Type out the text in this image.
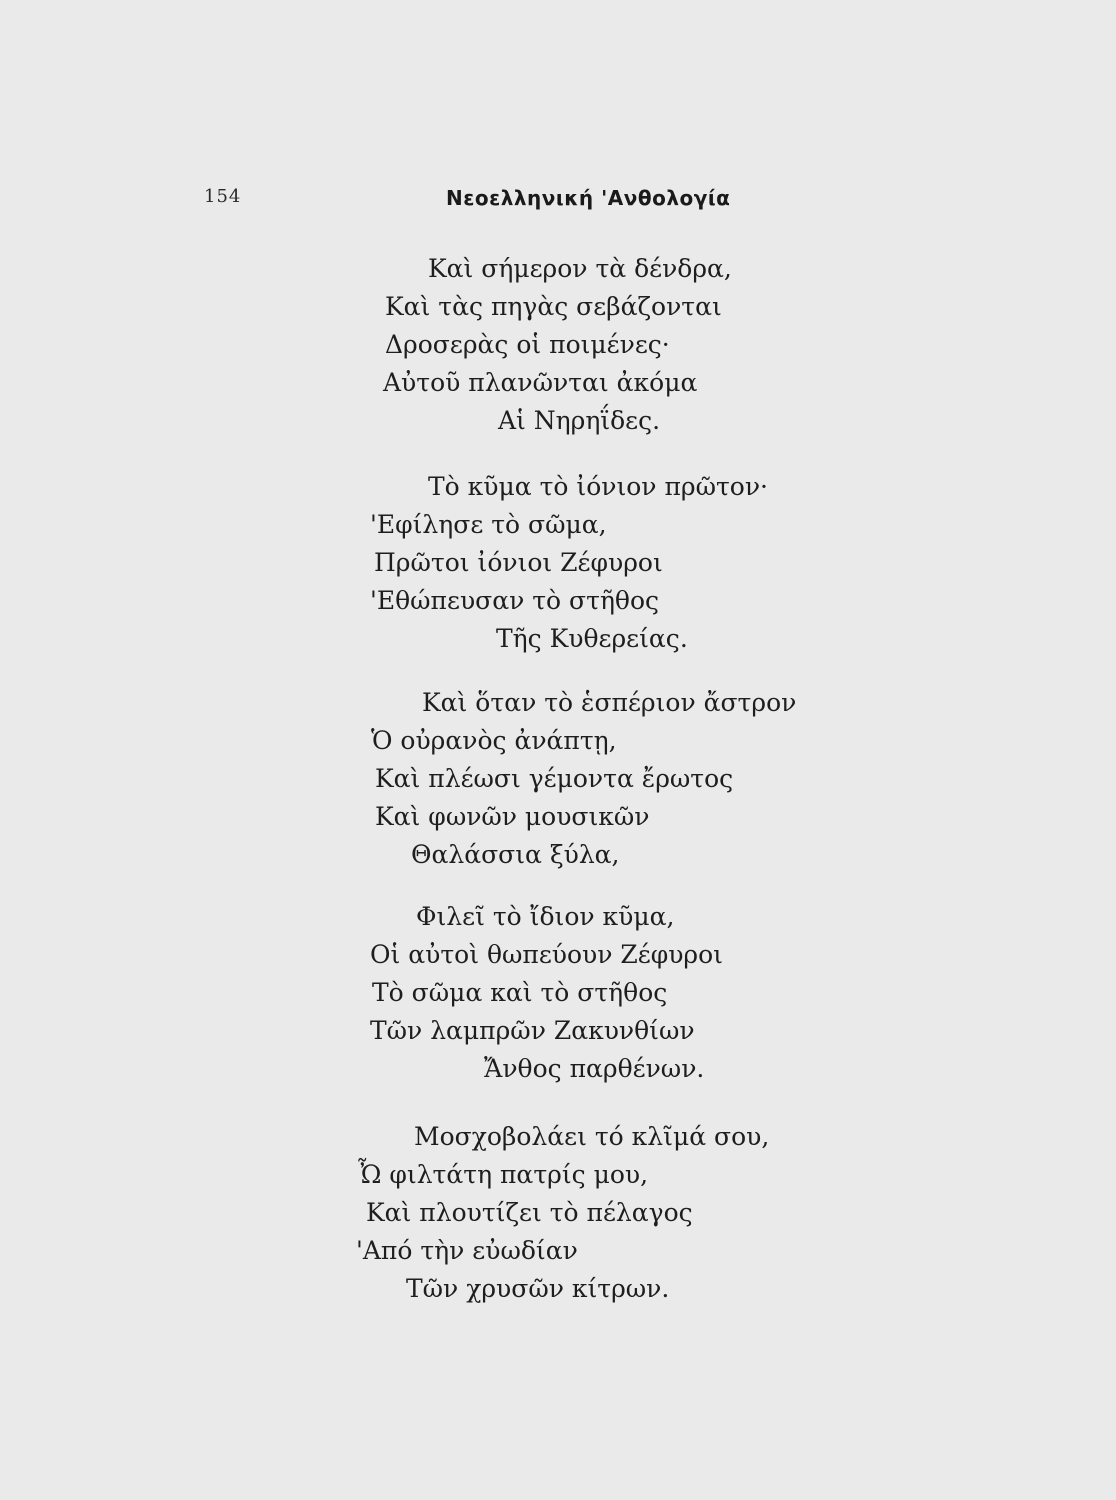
154	Νεοελληνική 'Ανθολογία
Καὶ σήμερον τὰ δένδρα,
Καὶ τὰς πηγὰς σεβάζονται
Δροσερὰς οἱ ποιμένες·
Αὐτοῦ πλανῶνται ἀκόμα
Αἱ Νηρηΐδες.
Τὸ κῦμα τὸ ἰόνιον πρῶτον·
'Εφίλησε τὸ σῶμα,
Πρῶτοι ἰόνιοι Ζέφυροι
'Εθώπευσαν τὸ στῆθος
Τῆς Κυθερείας.
Καὶ ὅταν τὸ ἑσπέριον ἄστρον
Ὁ οὐρανὸς ἀνάπτῃ,
Καὶ πλέωσι γέμοντα ἔρωτος
Καὶ φωνῶν μουσικῶν
Θαλάσσια ξύλα,
Φιλεῖ τὸ ἴδιον κῦμα,
Οἱ αὐτοὶ θωπεύουν Ζέφυροι
Τὸ σῶμα καὶ τὸ στῆθος
Τῶν λαμπρῶν Ζακυνθίων
Ἄνθος παρθένων.
Μοσχοβολάει τό κλῖμά σου,
Ὦ φιλτάτη πατρίς μου,
Καὶ πλουτίζει τὸ πέλαγος
'Από τὴν εὐωδίαν
Τῶν χρυσῶν κίτρων.
